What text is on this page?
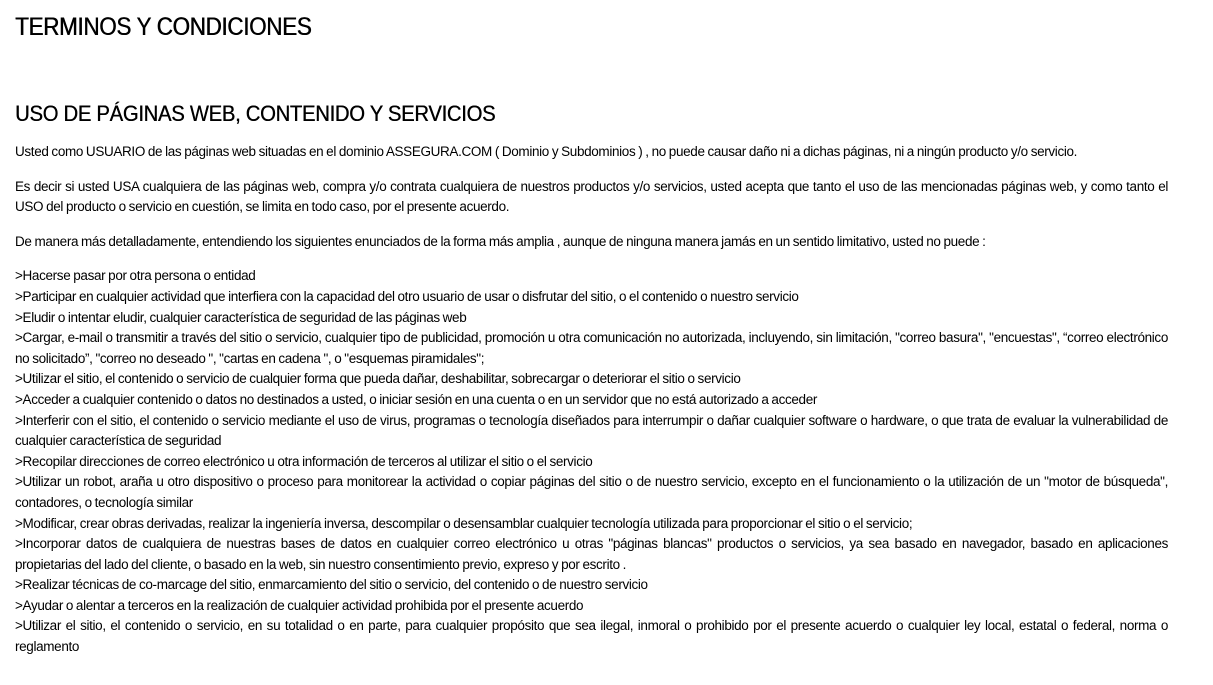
TERMINOS Y CONDICIONES
USO DE PÁGINAS WEB, CONTENIDO Y SERVICIOS

Usted como USUARIO de las páginas web situadas en el dominio ASSEGURA.COM ( Dominio y Subdominios ) , no puede causar daño ni a dichas páginas, ni a ningún producto y/o servicio.

Es decir si usted USA cualquiera de las páginas web, compra y/o contrata cualquiera de nuestros productos y/o servicios, usted acepta que tanto el uso de las mencionadas páginas web, y como tanto el USO del producto o servicio en cuestión, se limita en todo caso, por el presente acuerdo.

De manera más detalladamente, entendiendo los siguientes enunciados de la forma más amplia , aunque de ninguna manera jamás en un sentido limitativo, usted no puede :

>Hacerse pasar por otra persona o entidad
>Participar en cualquier actividad que interfiera con la capacidad del otro usuario de usar o disfrutar del sitio, o el contenido o nuestro servicio
>Eludir o intentar eludir, cualquier característica de seguridad de las páginas web
>Cargar, e-mail o transmitir a través del sitio o servicio, cualquier tipo de publicidad, promoción u otra comunicación no autorizada, incluyendo, sin limitación, "correo basura", "encuestas", “correo electrónico no solicitado”, "correo no deseado ", "cartas en cadena ", o "esquemas piramidales";
>Utilizar el sitio, el contenido o servicio de cualquier forma que pueda dañar, deshabilitar, sobrecargar o deteriorar el sitio o servicio
>Acceder a cualquier contenido o datos no destinados a usted, o iniciar sesión en una cuenta o en un servidor que no está autorizado a acceder
>Interferir con el sitio, el contenido o servicio mediante el uso de virus, programas o tecnología diseñados para interrumpir o dañar cualquier software o hardware, o que trata de evaluar la vulnerabilidad de cualquier característica de seguridad
>Recopilar direcciones de correo electrónico u otra información de terceros al utilizar el sitio o el servicio
>Utilizar un robot, araña u otro dispositivo o proceso para monitorear la actividad o copiar páginas del sitio o de nuestro servicio, excepto en el funcionamiento o la utilización de un "motor de búsqueda", contadores, o tecnología similar
>Modificar, crear obras derivadas, realizar la ingeniería inversa, descompilar o desensamblar cualquier tecnología utilizada para proporcionar el sitio o el servicio;
>Incorporar datos de cualquiera de nuestras bases de datos en cualquier correo electrónico u otras "páginas blancas" productos o servicios, ya sea basado en navegador, basado en aplicaciones propietarias del lado del cliente, o basado en la web, sin nuestro consentimiento previo, expreso y por escrito .
>Realizar técnicas de co-marcage del sitio, enmarcamiento del sitio o servicio, del contenido o de nuestro servicio
>Ayudar o alentar a terceros en la realización de cualquier actividad prohibida por el presente acuerdo
>Utilizar el sitio, el contenido o servicio, en su totalidad o en parte, para cualquier propósito que sea ilegal, inmoral o prohibido por el presente acuerdo o cualquier ley local, estatal o federal, norma o reglamento
